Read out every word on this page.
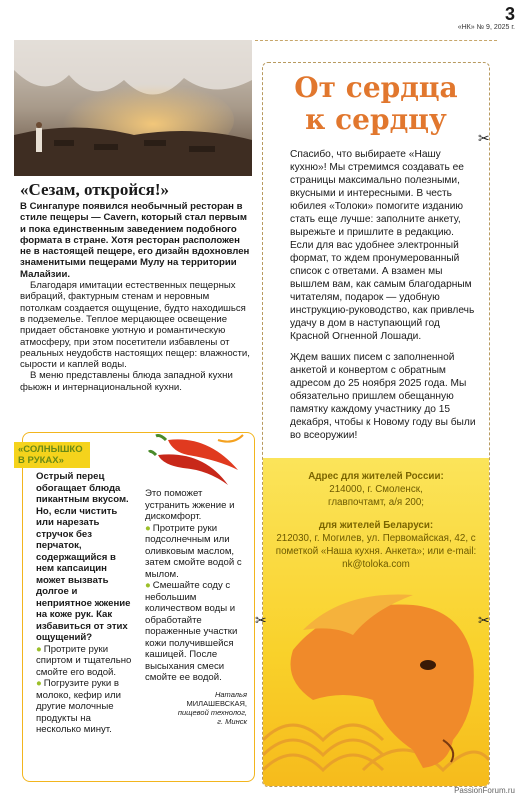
3
«НК» № 9, 2025 г.
«Сезам, откройся!»

В Сингапуре появился необычный ресторан в стиле пещеры — Cavern, который стал первым и пока единственным заведением подобного формата в стране. Хотя ресторан расположен не в настоящей пещере, его дизайн вдохновлен знаменитыми пещерами Мулу на территории Малайзии.

Благодаря имитации естественных пещерных вибраций, фактурным стенам и неровным потолкам создается ощущение, будто находишься в подземелье. Теплое мерцающее освещение придает обстановке уютную и романтическую атмосферу, при этом посетители избавлены от реальных неудобств настоящих пещер: влажности, сырости и каплей воды.

В меню представлены блюда западной кухни фьюжн и интернациональной кухни.

«СОЛНЫШКО В РУКАХ»

Острый перец обогащает блюда пикантным вкусом. Но, если чистить или нарезать стручок без перчаток, содержащийся в нем капсаицин может вызвать долгое и неприятное жжение на коже рук. Как избавиться от этих ощущений?

● Протрите руки спиртом и тщательно смойте его водой.

● Погрузите руки в молоко, кефир или другие молочные продукты на несколько минут.

Это поможет устранить жжение и дискомфорт.

● Протрите руки подсолнечным или оливковым маслом, затем смойте водой с мылом.

● Смешайте соду с небольшим количеством воды и обработайте пораженные участки кожи получившейся кашицей. После высыхания смеси смойте ее водой.

Наталья
МИЛАШЕВСКАЯ,
пищевой технолог,
г. Минск
От сердца
к сердцу

Спасибо, что выбираете «Нашу кухню»! Мы стремимся создавать ее страницы максимально полезными, вкусными и интересными. В честь юбилея «Толоки» помогите изданию стать еще лучше: заполните анкету, вырежьте и пришлите в редакцию. Если для вас удобнее электронный формат, то ждем пронумерованный список с ответами. А взамен мы вышлем вам, как самым благодарным читателям, подарок — удобную инструкцию-руководство, как привлечь удачу в дом в наступающий год Красной Огненной Лошади.

Ждем ваших писем с заполненной анкетой и конвертом с обратным адресом до 25 ноября 2025 года. Мы обязательно пришлем обещанную памятку каждому участнику до 15 декабря, чтобы к Новому году вы были во всеоружии!

Адрес для жителей России:
214000, г. Смоленск,
главпочтамт, а/я 200;
для жителей Беларуси:
212030, г. Могилев, ул. Первомайская, 42, с пометкой «Наша кухня. Анкета»; или e-mail: nk@toloka.com
✂
✂	✂
PassionForum.ru
